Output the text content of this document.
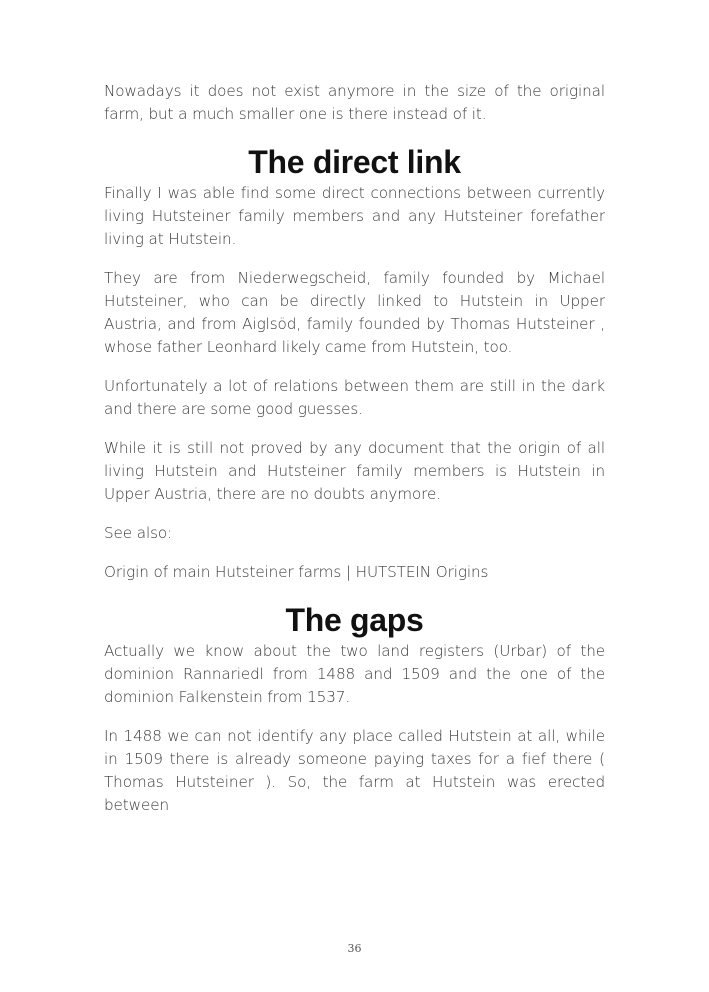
Nowadays it does not exist anymore in the size of the original farm, but a much smaller one is there instead of it.

The direct link

Finally I was able find some direct connections between currently living Hutsteiner family members and any Hutsteiner forefather living at Hutstein.

They are from Niederwegscheid, family founded by Michael Hutsteiner, who can be directly linked to Hutstein in Upper Austria, and from Aiglsöd, family founded by Thomas Hutsteiner , whose father Leonhard likely came from Hutstein, too.

Unfortunately a lot of relations between them are still in the dark and there are some good guesses.

While it is still not proved by any document that the origin of all living Hutstein and Hutsteiner family members is Hutstein in Upper Austria, there are no doubts anymore.

See also:

Origin of main Hutsteiner farms | HUTSTEIN Origins

The gaps

Actually we know about the two land registers (Urbar) of the dominion Rannariedl from 1488 and 1509 and the one of the dominion Falkenstein from 1537.

In 1488 we can not identify any place called Hutstein at all, while in 1509 there is already someone paying taxes for a fief there ( Thomas Hutsteiner ). So, the farm at Hutstein was erected between

36
